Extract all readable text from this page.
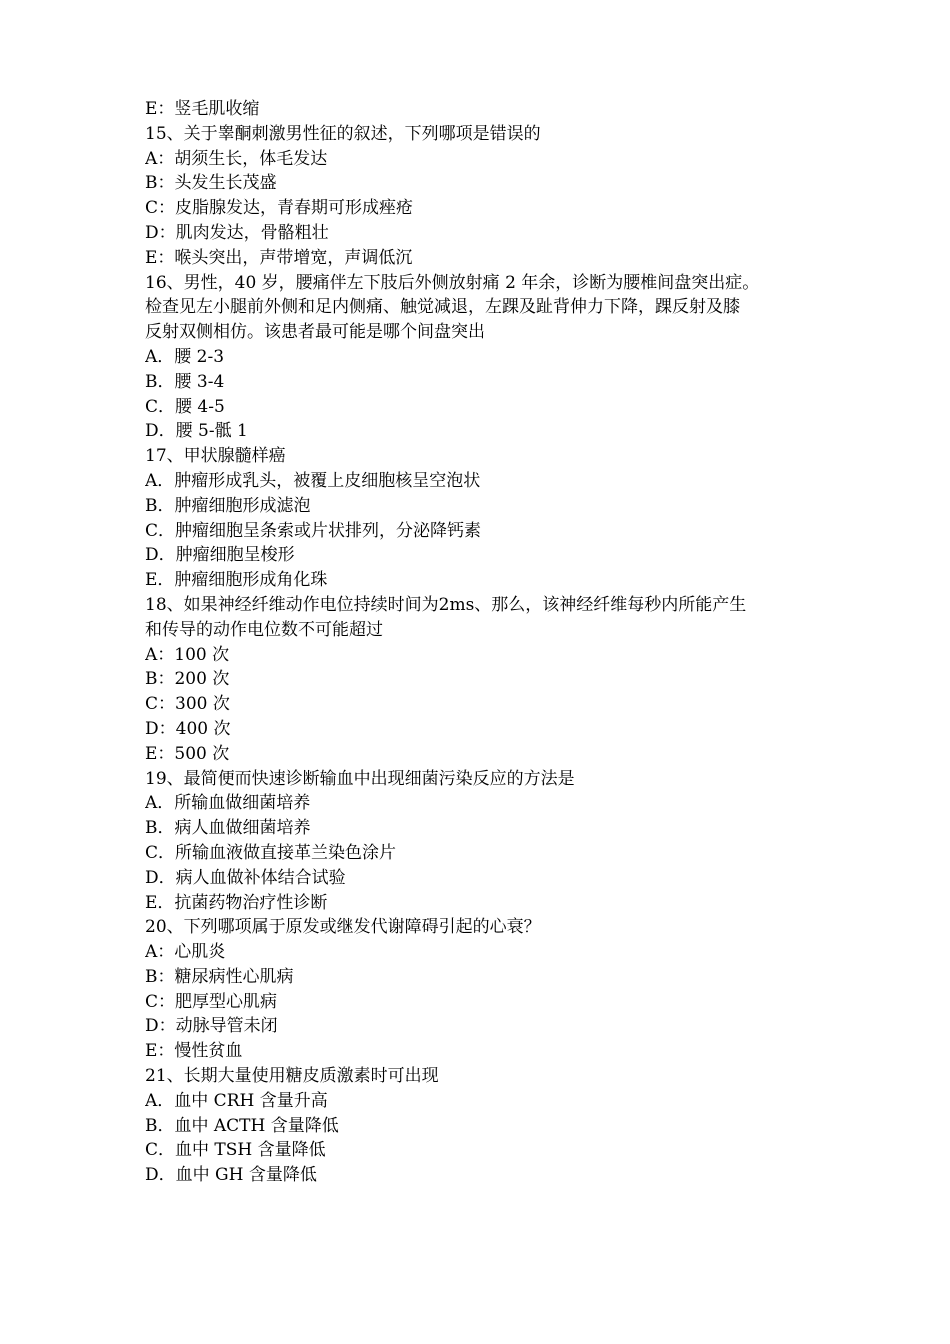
E：竖毛肌收缩
15、关于睾酮刺激男性征的叙述，下列哪项是错误的
A：胡须生长，体毛发达
B：头发生长茂盛
C：皮脂腺发达，青春期可形成痤疮
D：肌肉发达，骨骼粗壮
E：喉头突出，声带增宽，声调低沉
16、男性，40 岁，腰痛伴左下肢后外侧放射痛 2 年余，诊断为腰椎间盘突出症。
检查见左小腿前外侧和足内侧痛、触觉减退，左踝及趾背伸力下降，踝反射及膝
反射双侧相仿。该患者最可能是哪个间盘突出
A．腰 2-3
B．腰 3-4
C．腰 4-5
D．腰 5-骶 1
17、甲状腺髓样癌
A．肿瘤形成乳头，被覆上皮细胞核呈空泡状
B．肿瘤细胞形成滤泡
C．肿瘤细胞呈条索或片状排列，分泌降钙素
D．肿瘤细胞呈梭形
E．肿瘤细胞形成角化珠
18、如果神经纤维动作电位持续时间为2ms、那么，该神经纤维每秒内所能产生
和传导的动作电位数不可能超过
A：100 次
B：200 次
C：300 次
D：400 次
E：500 次
19、最简便而快速诊断输血中出现细菌污染反应的方法是
A．所输血做细菌培养
B．病人血做细菌培养
C．所输血液做直接革兰染色涂片
D．病人血做补体结合试验
E．抗菌药物治疗性诊断
20、下列哪项属于原发或继发代谢障碍引起的心衰？
A：心肌炎
B：糖尿病性心肌病
C：肥厚型心肌病
D：动脉导管未闭
E：慢性贫血
21、长期大量使用糖皮质激素时可出现
A．血中 CRH 含量升高
B．血中 ACTH 含量降低
C．血中 TSH 含量降低
D．血中 GH 含量降低
